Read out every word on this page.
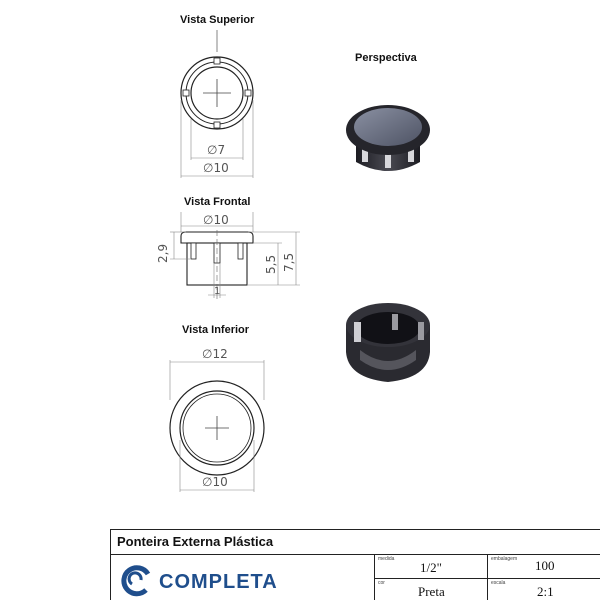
Vista Superior
Perspectiva
Vista Frontal
Vista Inferior
∅7
∅10
∅10
2,9
5,5 7,5
1
∅12
∅10
COMPLETA
Ponteira Externa Plástica
medida
1/2"
embalagem 100
cor
Preta
escala
2:1
